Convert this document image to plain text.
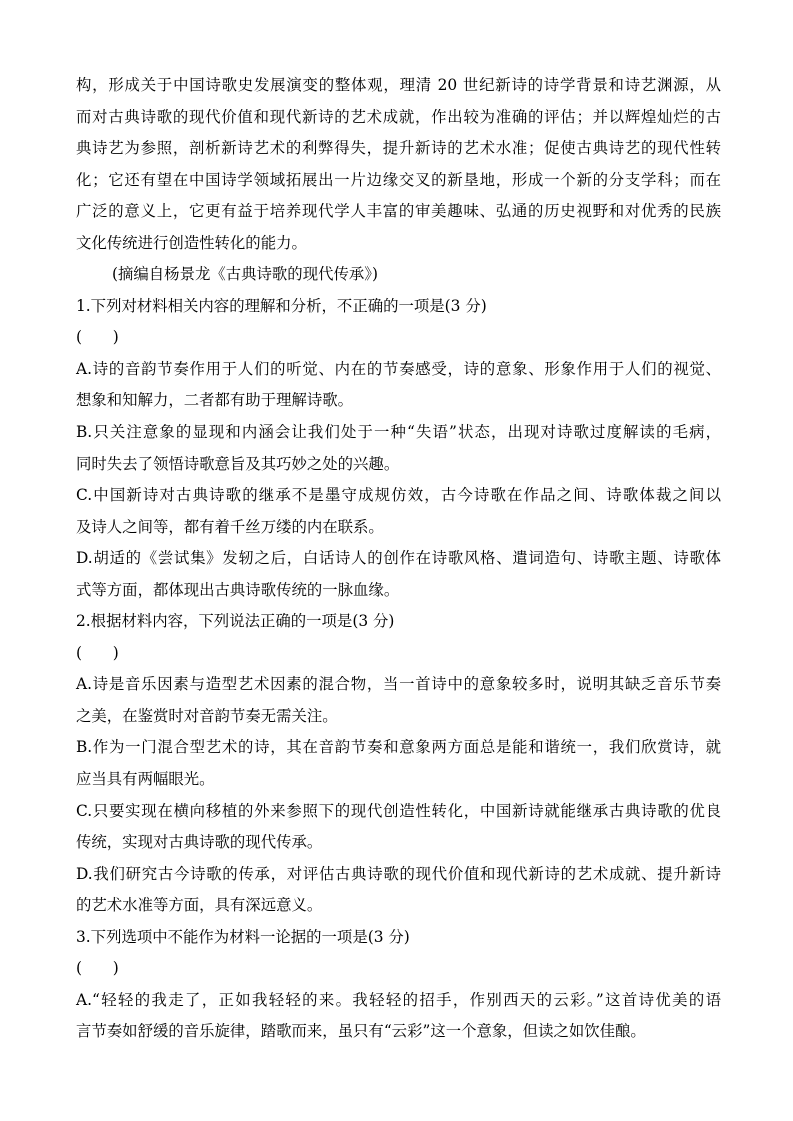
构，形成关于中国诗歌史发展演变的整体观，理清 20 世纪新诗的诗学背景和诗艺渊源，从
而对古典诗歌的现代价值和现代新诗的艺术成就，作出较为准确的评估；并以辉煌灿烂的古
典诗艺为参照，剖析新诗艺术的利弊得失，提升新诗的艺术水准；促使古典诗艺的现代性转
化；它还有望在中国诗学领域拓展出一片边缘交叉的新垦地，形成一个新的分支学科；而在
广泛的意义上，它更有益于培养现代学人丰富的审美趣味、弘通的历史视野和对优秀的民族
文化传统进行创造性转化的能力。
(摘编自杨景龙《古典诗歌的现代传承》)
1.下列对材料相关内容的理解和分析，不正确的一项是(3 分)
(　　)
A.诗的音韵节奏作用于人们的听觉、内在的节奏感受，诗的意象、形象作用于人们的视觉、
想象和知解力，二者都有助于理解诗歌。
B.只关注意象的显现和内涵会让我们处于一种“失语”状态，出现对诗歌过度解读的毛病，
同时失去了领悟诗歌意旨及其巧妙之处的兴趣。
C.中国新诗对古典诗歌的继承不是墨守成规仿效，古今诗歌在作品之间、诗歌体裁之间以
及诗人之间等，都有着千丝万缕的内在联系。
D.胡适的《尝试集》发轫之后，白话诗人的创作在诗歌风格、遣词造句、诗歌主题、诗歌体
式等方面，都体现出古典诗歌传统的一脉血缘。
2.根据材料内容，下列说法正确的一项是(3 分)
(　　)
A.诗是音乐因素与造型艺术因素的混合物，当一首诗中的意象较多时，说明其缺乏音乐节奏
之美，在鉴赏时对音韵节奏无需关注。
B.作为一门混合型艺术的诗，其在音韵节奏和意象两方面总是能和谐统一，我们欣赏诗，就
应当具有两幅眼光。
C.只要实现在横向移植的外来参照下的现代创造性转化，中国新诗就能继承古典诗歌的优良
传统，实现对古典诗歌的现代传承。
D.我们研究古今诗歌的传承，对评估古典诗歌的现代价值和现代新诗的艺术成就、提升新诗
的艺术水准等方面，具有深远意义。
3.下列选项中不能作为材料一论据的一项是(3 分)
(　　)
A.“轻轻的我走了，正如我轻轻的来。我轻轻的招手，作别西天的云彩。”这首诗优美的语
言节奏如舒缓的音乐旋律，踏歌而来，虽只有“云彩”这一个意象，但读之如饮佳酿。
